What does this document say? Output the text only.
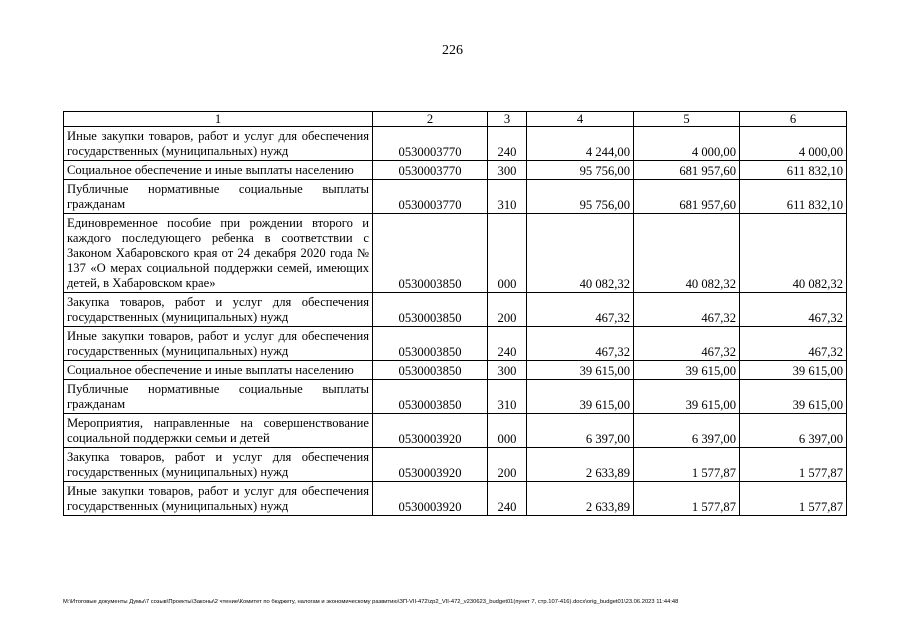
226
1	2	3	4	5	6
Иные закупки товаров, работ и услуг для обеспечения государственных (муниципальных) нужд	0530003770	240	4 244,00	4 000,00	4 000,00
Социальное обеспечение и иные выплаты населению	0530003770	300	95 756,00	681 957,60	611 832,10
Публичные нормативные социальные выплаты гражданам	0530003770	310	95 756,00	681 957,60	611 832,10
Единовременное пособие при рождении второго и каждого последующего ребенка в соответствии с Законом Хабаровского края от 24 декабря 2020 года № 137 «О мерах социальной поддержки семей, имеющих детей, в Хабаровском крае»	0530003850	000	40 082,32	40 082,32	40 082,32
Закупка товаров, работ и услуг для обеспечения государственных (муниципальных) нужд	0530003850	200	467,32	467,32	467,32
Иные закупки товаров, работ и услуг для обеспечения государственных (муниципальных) нужд	0530003850	240	467,32	467,32	467,32
Социальное обеспечение и иные выплаты населению	0530003850	300	39 615,00	39 615,00	39 615,00
Публичные нормативные социальные выплаты гражданам	0530003850	310	39 615,00	39 615,00	39 615,00
Мероприятия, направленные на совершенствование социальной поддержки семьи и детей	0530003920	000	6 397,00	6 397,00	6 397,00
Закупка товаров, работ и услуг для обеспечения государственных (муниципальных) нужд	0530003920	200	2 633,89	1 577,87	1 577,87
Иные закупки товаров, работ и услуг для обеспечения государственных (муниципальных) нужд	0530003920	240	2 633,89	1 577,87	1 577,87
M:\Итоговые документы Думы\7 созыв\Проекты\Законы\2 чтение\Комитет по бюджету, налогам и экономическому развитию\ЗП-VII-472\zp2_VII-472_v230623_budget01(пункт 7, стр.107-416).docx\orig_budget01\23.06.2023 11:44:48
